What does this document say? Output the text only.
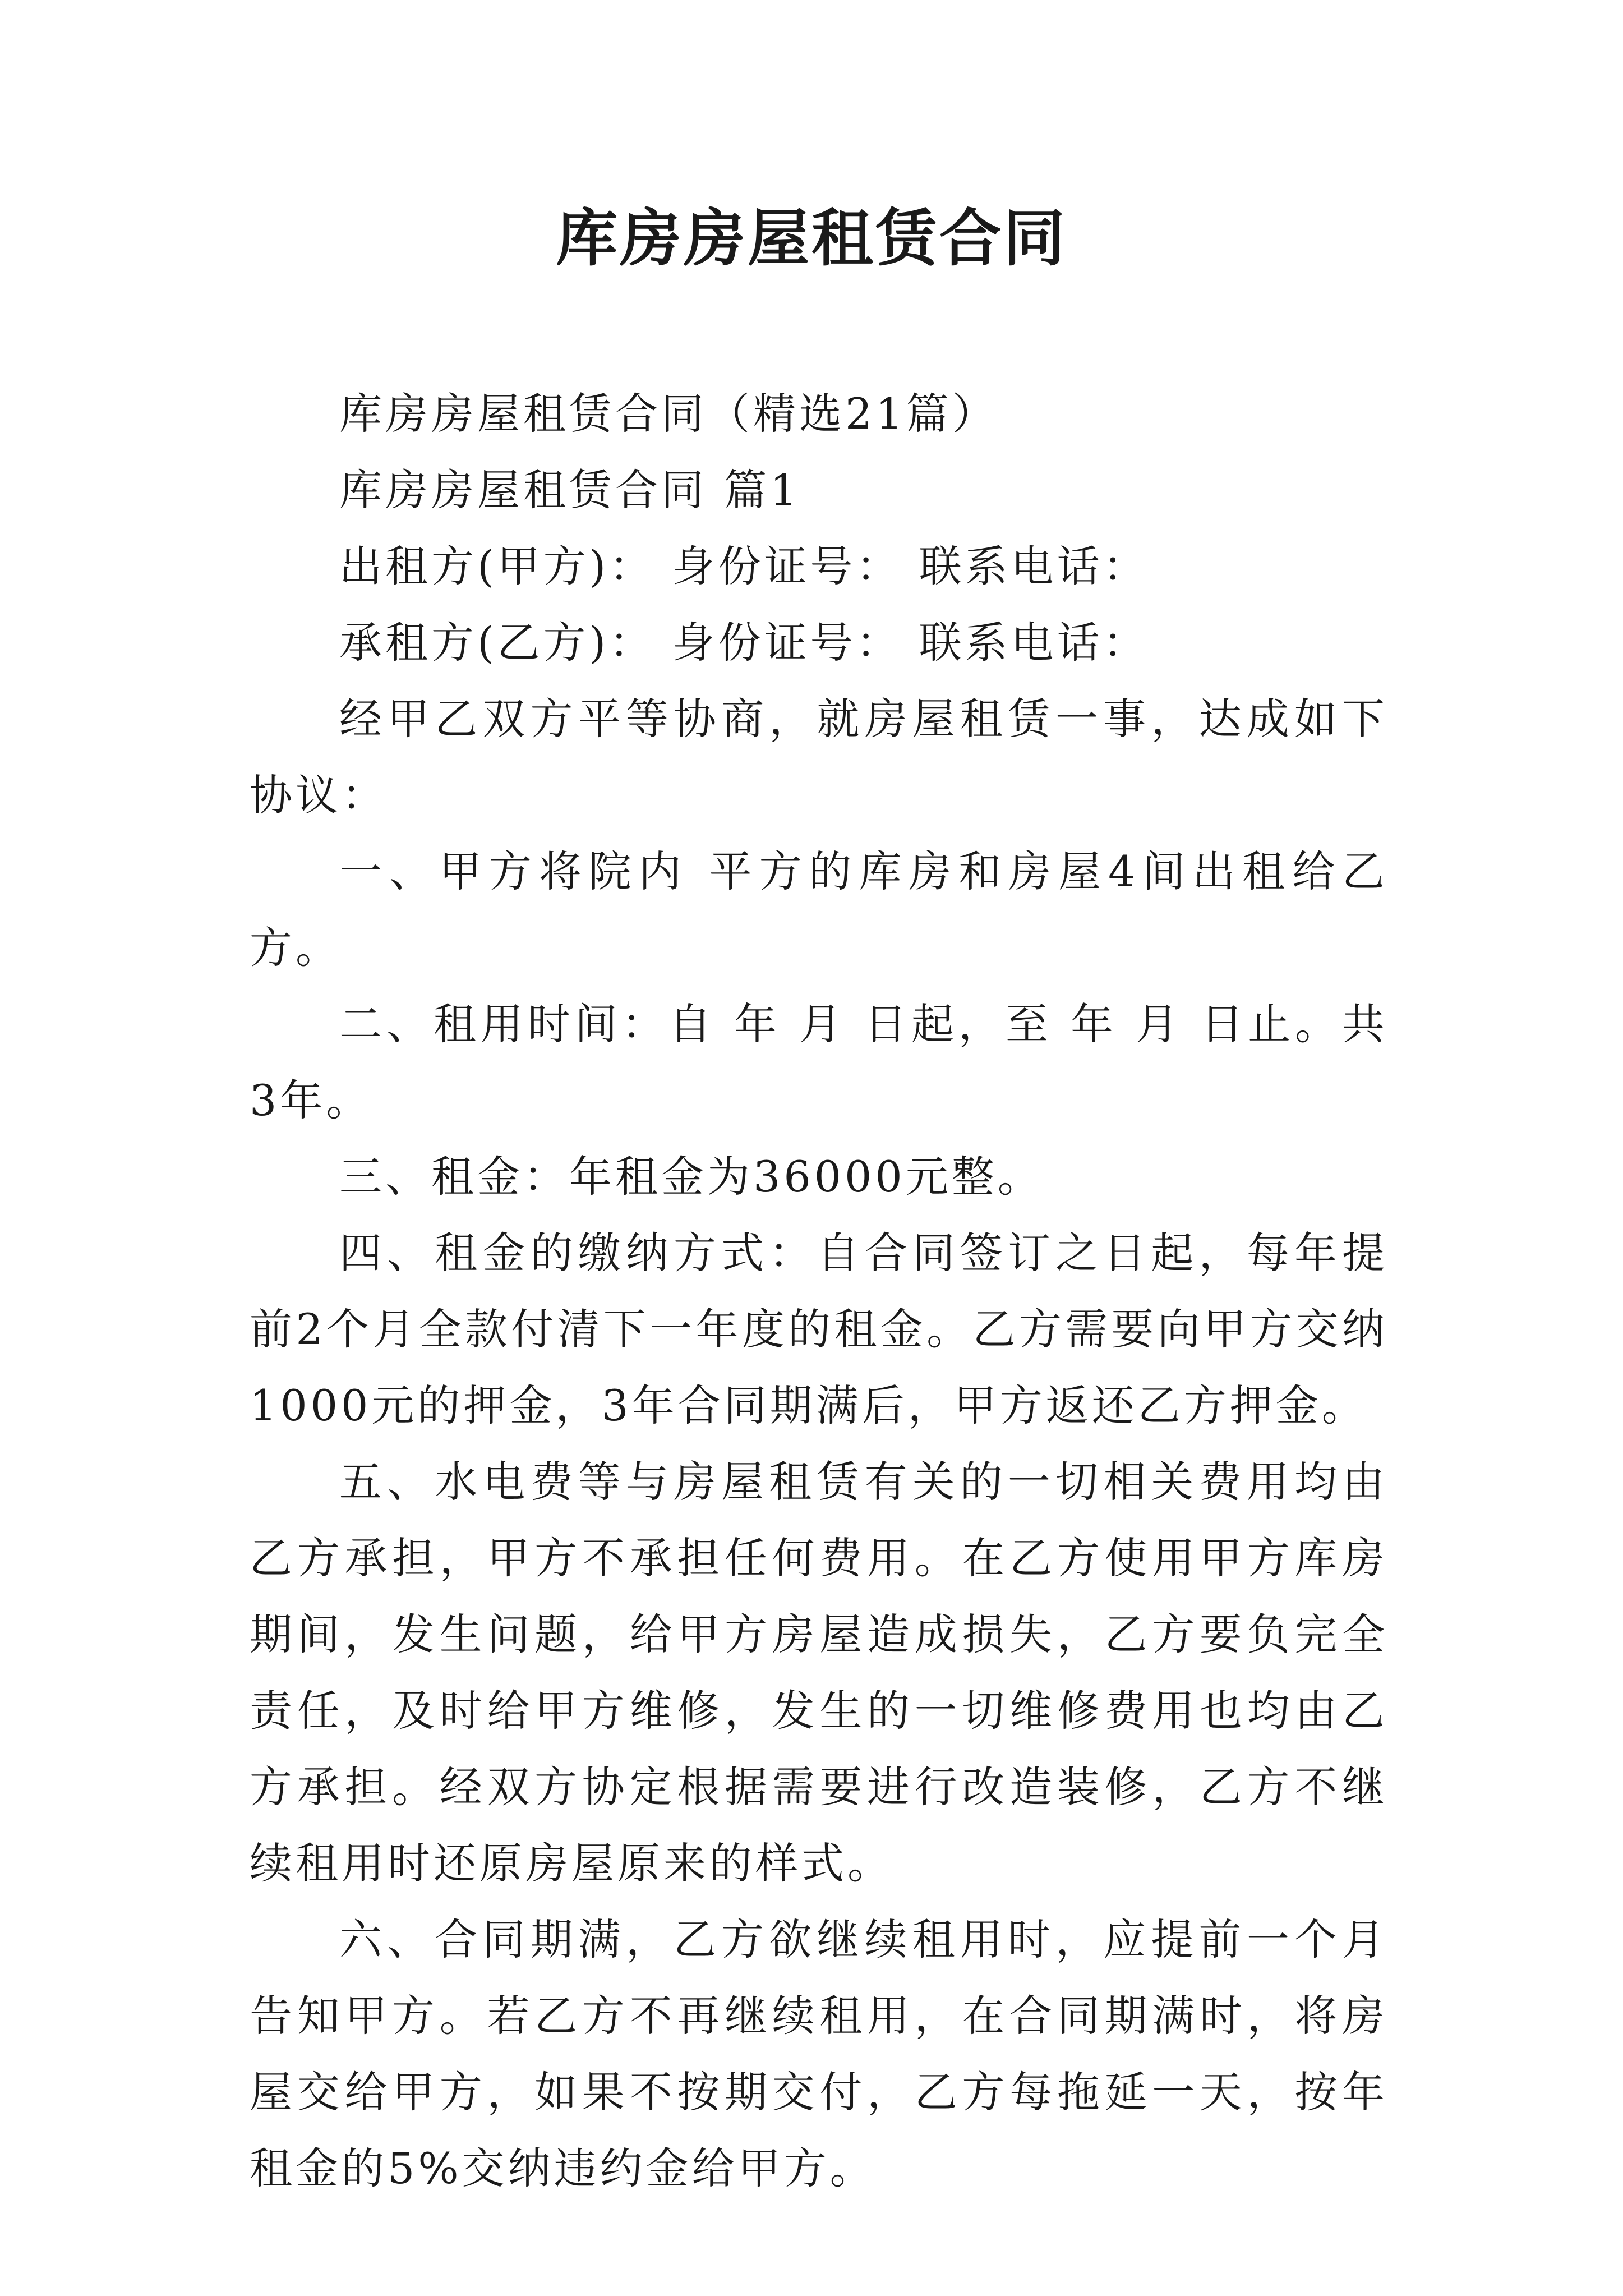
库房房屋租赁合同

库房房屋租赁合同（精选21篇）

库房房屋租赁合同 篇1

出租方(甲方)： 身份证号： 联系电话：

承租方(乙方)： 身份证号： 联系电话：

经甲乙双方平等协商，就房屋租赁一事，达成如下协议：

一、甲方将院内 平方的库房和房屋4间出租给乙方。

二、租用时间：自 年 月 日起，至 年 月 日止。共3年。

三、租金：年租金为36000元整。

四、租金的缴纳方式：自合同签订之日起，每年提前2个月全款付清下一年度的租金。乙方需要向甲方交纳1000元的押金，3年合同期满后，甲方返还乙方押金。

五、水电费等与房屋租赁有关的一切相关费用均由乙方承担，甲方不承担任何费用。在乙方使用甲方库房期间，发生问题，给甲方房屋造成损失，乙方要负完全责任，及时给甲方维修，发生的一切维修费用也均由乙方承担。经双方协定根据需要进行改造装修，乙方不继续租用时还原房屋原来的样式。

六、合同期满，乙方欲继续租用时，应提前一个月告知甲方。若乙方不再继续租用，在合同期满时，将房屋交给甲方，如果不按期交付，乙方每拖延一天，按年租金的5%交纳违约金给甲方。
